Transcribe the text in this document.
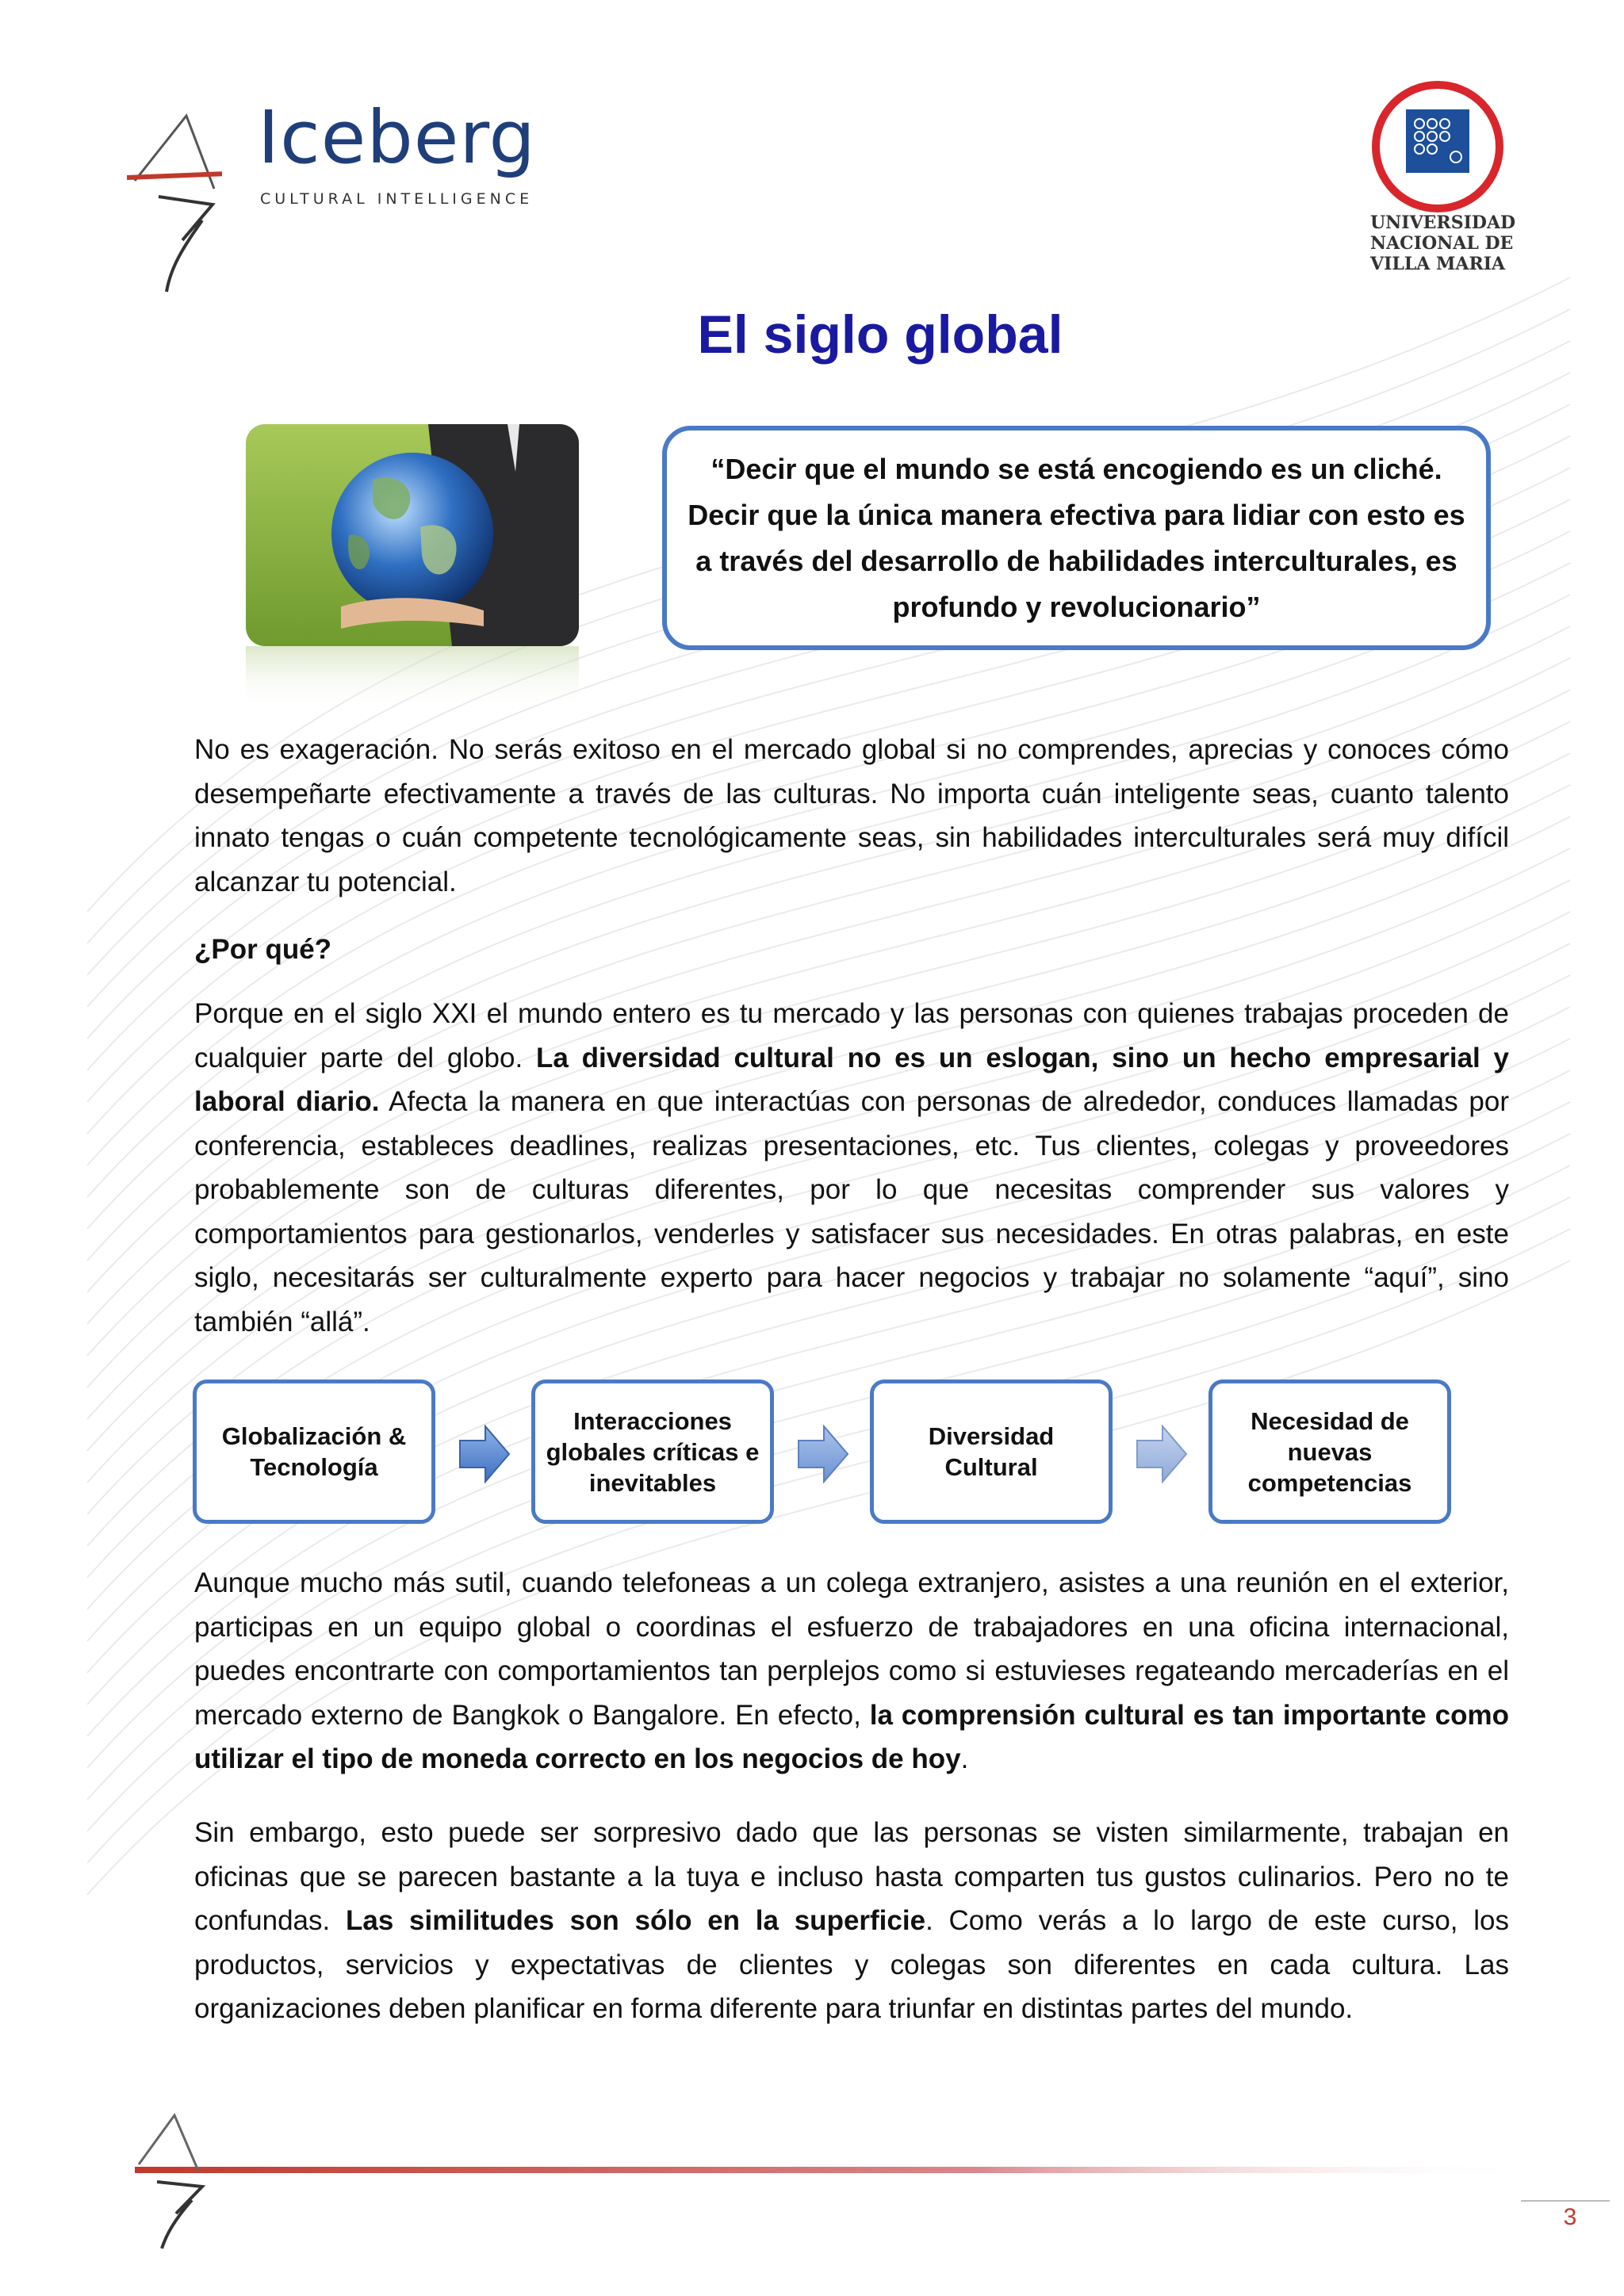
Iceberg
CULTURAL INTELLIGENCE
UNIVERSIDAD
NACIONAL DE
VILLA MARIA
El siglo global
“Decir que el mundo se está encogiendo es un cliché. Decir que la única manera efectiva para lidiar con esto es a través del desarrollo de habilidades interculturales, es profundo y revolucionario”
No es exageración. No serás exitoso en el mercado global si no comprendes, aprecias y conoces cómo desempeñarte efectivamente a través de las culturas. No importa cuán inteligente seas, cuanto talento innato tengas o cuán competente tecnológicamente seas, sin habilidades interculturales será muy difícil alcanzar tu potencial.
¿Por qué?
Porque en el siglo XXI el mundo entero es tu mercado y las personas con quienes trabajas proceden de cualquier parte del globo. La diversidad cultural no es un eslogan, sino un hecho empresarial y laboral diario. Afecta la manera en que interactúas con personas de alrededor, conduces llamadas por conferencia, estableces deadlines, realizas presentaciones, etc. Tus clientes, colegas y proveedores probablemente son de culturas diferentes, por lo que necesitas comprender sus valores y comportamientos para gestionarlos, venderles y satisfacer sus necesidades. En otras palabras, en este siglo, necesitarás ser culturalmente experto para hacer negocios y trabajar no solamente “aquí”, sino también “allá”.
Globalización & Tecnología
Interacciones globales críticas e inevitables
Diversidad Cultural
Necesidad de nuevas competencias
Aunque mucho más sutil, cuando telefoneas a un colega extranjero, asistes a una reunión en el exterior, participas en un equipo global o coordinas el esfuerzo de trabajadores en una oficina internacional, puedes encontrarte con comportamientos tan perplejos como si estuvieses regateando mercaderías en el mercado externo de Bangkok o Bangalore. En efecto, la comprensión cultural es tan importante como utilizar el tipo de moneda correcto en los negocios de hoy.
Sin embargo, esto puede ser sorpresivo dado que las personas se visten similarmente, trabajan en oficinas que se parecen bastante a la tuya e incluso hasta comparten tus gustos culinarios. Pero no te confundas. Las similitudes son sólo en la superficie. Como verás a lo largo de este curso, los productos, servicios y expectativas de clientes y colegas son diferentes en cada cultura. Las organizaciones deben planificar en forma diferente para triunfar en distintas partes del mundo.
3
